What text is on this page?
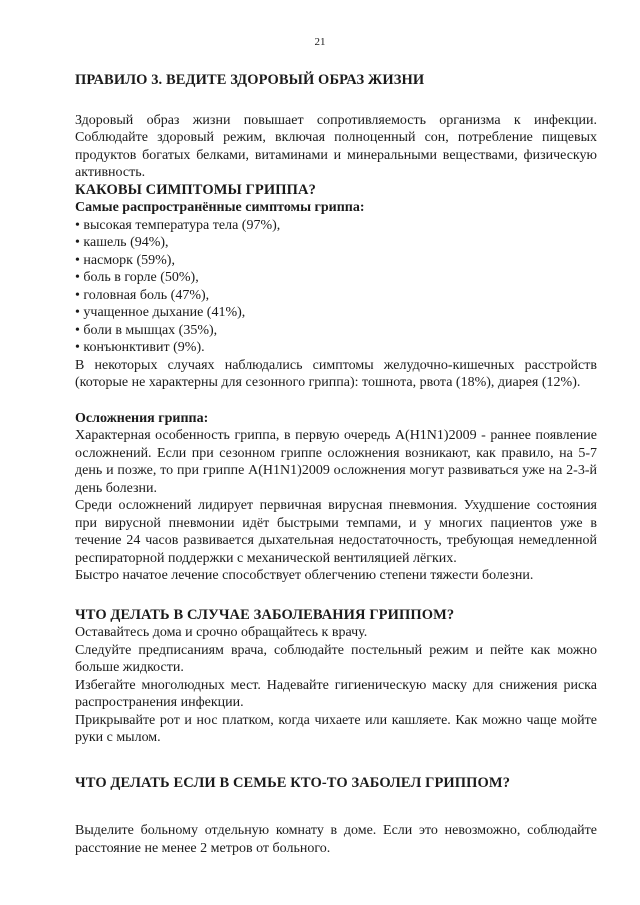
21
ПРАВИЛО 3. ВЕДИТЕ ЗДОРОВЫЙ ОБРАЗ ЖИЗНИ

Здоровый образ жизни повышает сопротивляемость организма к инфекции. Соблюдайте здоровый режим, включая полноценный сон, потребление пищевых продуктов богатых белками, витаминами и минеральными веществами, физическую активность.

КАКОВЫ СИМПТОМЫ ГРИППА?
Самые распространённые симптомы гриппа:
• высокая температура тела (97%),
• кашель (94%),
• насморк (59%),
• боль в горле (50%),
• головная боль (47%),
• учащенное дыхание (41%),
• боли в мышцах (35%),
• конъюнктивит (9%).

В некоторых случаях наблюдались симптомы желудочно-кишечных расстройств (которые не характерны для сезонного гриппа): тошнота, рвота (18%), диарея (12%).

Осложнения гриппа:

Характерная особенность гриппа, в первую очередь A(H1N1)2009 - раннее появление осложнений. Если при сезонном гриппе осложнения возникают, как правило, на 5-7 день и позже, то при гриппе A(H1N1)2009 осложнения могут развиваться уже на 2-3-й день болезни.

Среди осложнений лидирует первичная вирусная пневмония. Ухудшение состояния при вирусной пневмонии идёт быстрыми темпами, и у многих пациентов уже в течение 24 часов развивается дыхательная недостаточность, требующая немедленной респираторной поддержки с механической вентиляцией лёгких.

Быстро начатое лечение способствует облегчению степени тяжести болезни.

ЧТО ДЕЛАТЬ В СЛУЧАЕ ЗАБОЛЕВАНИЯ ГРИППОМ?

Оставайтесь дома и срочно обращайтесь к врачу.

Следуйте предписаниям врача, соблюдайте постельный режим и пейте как можно больше жидкости.

Избегайте многолюдных мест. Надевайте гигиеническую маску для снижения риска распространения инфекции.

Прикрывайте рот и нос платком, когда чихаете или кашляете. Как можно чаще мойте руки с мылом.

ЧТО ДЕЛАТЬ ЕСЛИ В СЕМЬЕ КТО-ТО ЗАБОЛЕЛ ГРИППОМ?

Выделите больному отдельную комнату в доме. Если это невозможно, соблюдайте расстояние не менее 2 метров от больного.
